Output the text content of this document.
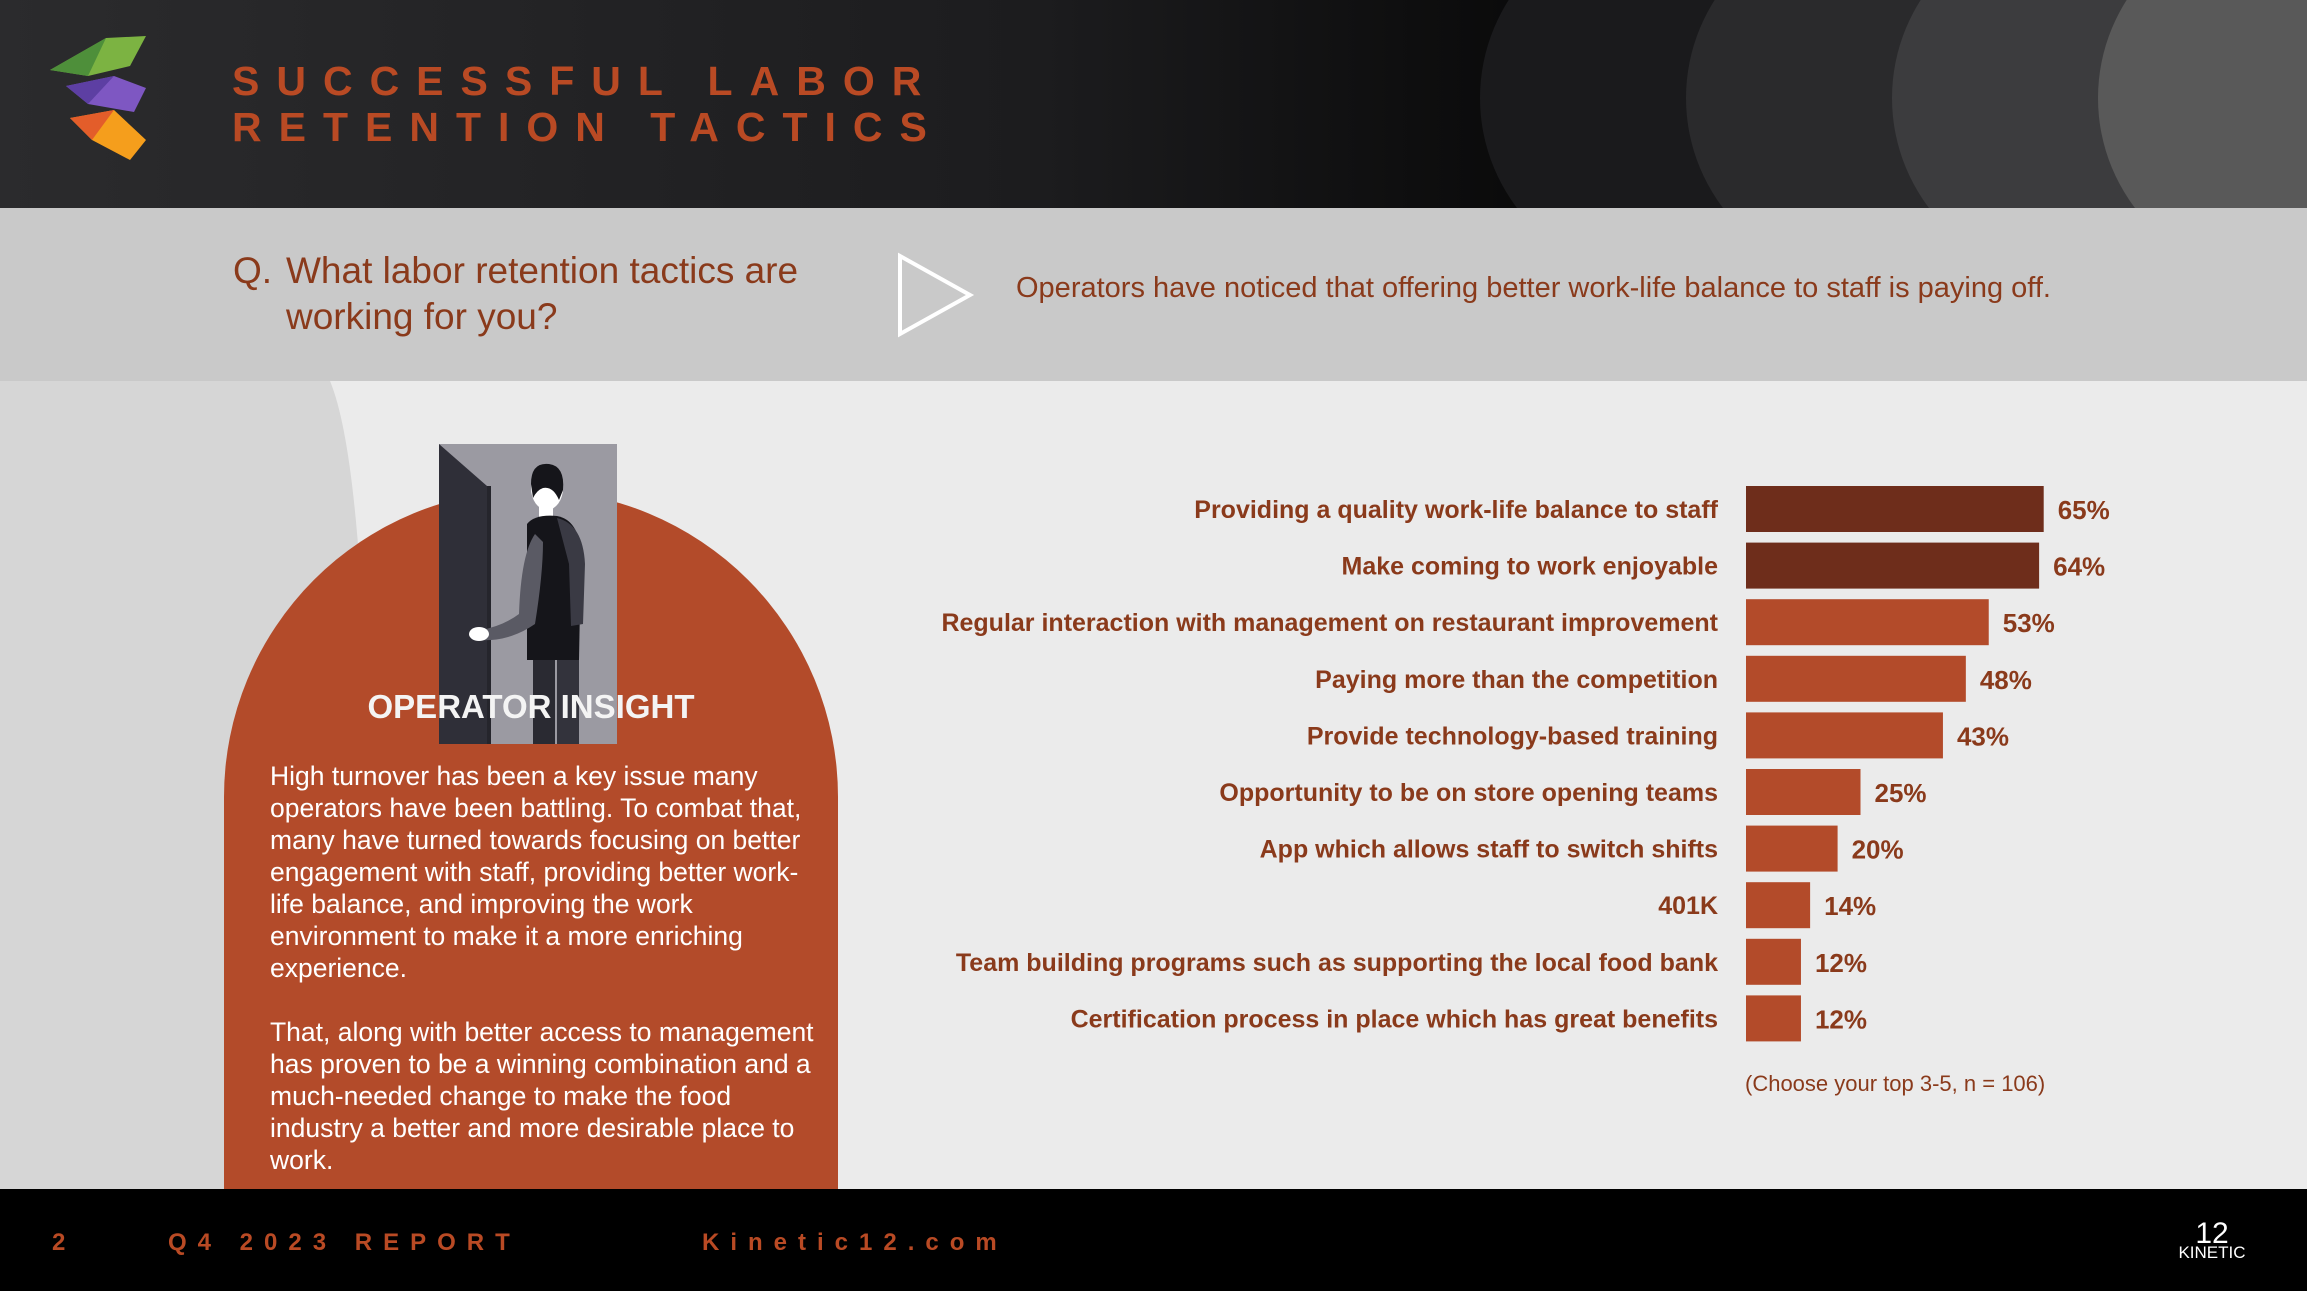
SUCCESSFUL LABOR
RETENTION TACTICS
Q. What labor retention tactics are working for you?
Operators have noticed that offering better work-life balance to staff is paying off.
OPERATOR INSIGHT

High turnover has been a key issue many operators have been battling. To combat that, many have turned towards focusing on better engagement with staff, providing better work-life balance, and improving the work environment to make it a more enriching experience.

That, along with better access to management has proven to be a winning combination and a much-needed change to make the food industry a better and more desirable place to work.

Providing a quality work-life balance to staff	65%
Make coming to work enjoyable	64%
Regular interaction with management on restaurant improvement	53%
Paying more than the competition	48%
Provide technology-based training	43%
Opportunity to be on store opening teams	25%
App which allows staff to switch shifts	20%
401K	14%
Team building programs such as supporting the local food bank	12%
Certification process in place which has great benefits	12%
(Choose your top 3-5, n = 106)
2	Q4 2023 REPORT	Kinetic12.com	12
KINETIC
